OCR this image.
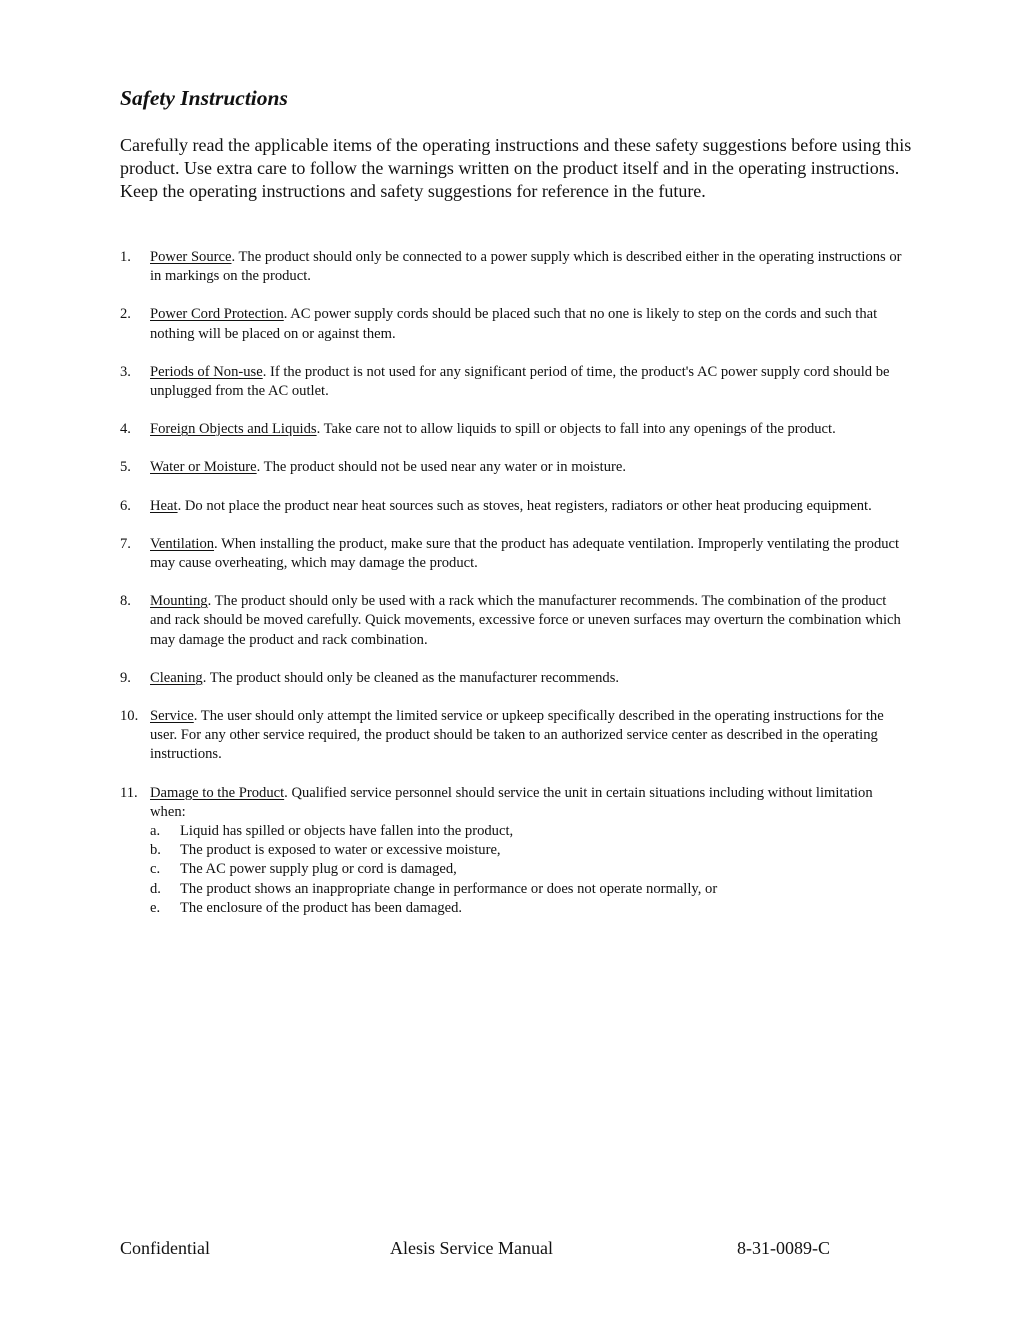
Safety Instructions

Carefully read the applicable items of the operating instructions and these safety suggestions before using this product. Use extra care to follow the warnings written on the product itself and in the operating instructions. Keep the operating instructions and safety suggestions for reference in the future.

1. Power Source. The product should only be connected to a power supply which is described either in the operating instructions or in markings on the product.
2. Power Cord Protection. AC power supply cords should be placed such that no one is likely to step on the cords and such that nothing will be placed on or against them.
3. Periods of Non-use. If the product is not used for any significant period of time, the product's AC power supply cord should be unplugged from the AC outlet.
4. Foreign Objects and Liquids. Take care not to allow liquids to spill or objects to fall into any openings of the product.
5. Water or Moisture. The product should not be used near any water or in moisture.
6. Heat. Do not place the product near heat sources such as stoves, heat registers, radiators or other heat producing equipment.
7. Ventilation. When installing the product, make sure that the product has adequate ventilation. Improperly ventilating the product may cause overheating, which may damage the product.
8. Mounting. The product should only be used with a rack which the manufacturer recommends. The combination of the product and rack should be moved carefully. Quick movements, excessive force or uneven surfaces may overturn the combination which may damage the product and rack combination.
9. Cleaning. The product should only be cleaned as the manufacturer recommends.
10. Service. The user should only attempt the limited service or upkeep specifically described in the operating instructions for the user. For any other service required, the product should be taken to an authorized service center as described in the operating instructions.
11. Damage to the Product. Qualified service personnel should service the unit in certain situations including without limitation when:
a. Liquid has spilled or objects have fallen into the product,
b. The product is exposed to water or excessive moisture,
c. The AC power supply plug or cord is damaged,
d. The product shows an inappropriate change in performance or does not operate normally, or
e. The enclosure of the product has been damaged.
Confidential	Alesis Service Manual	8-31-0089-C
